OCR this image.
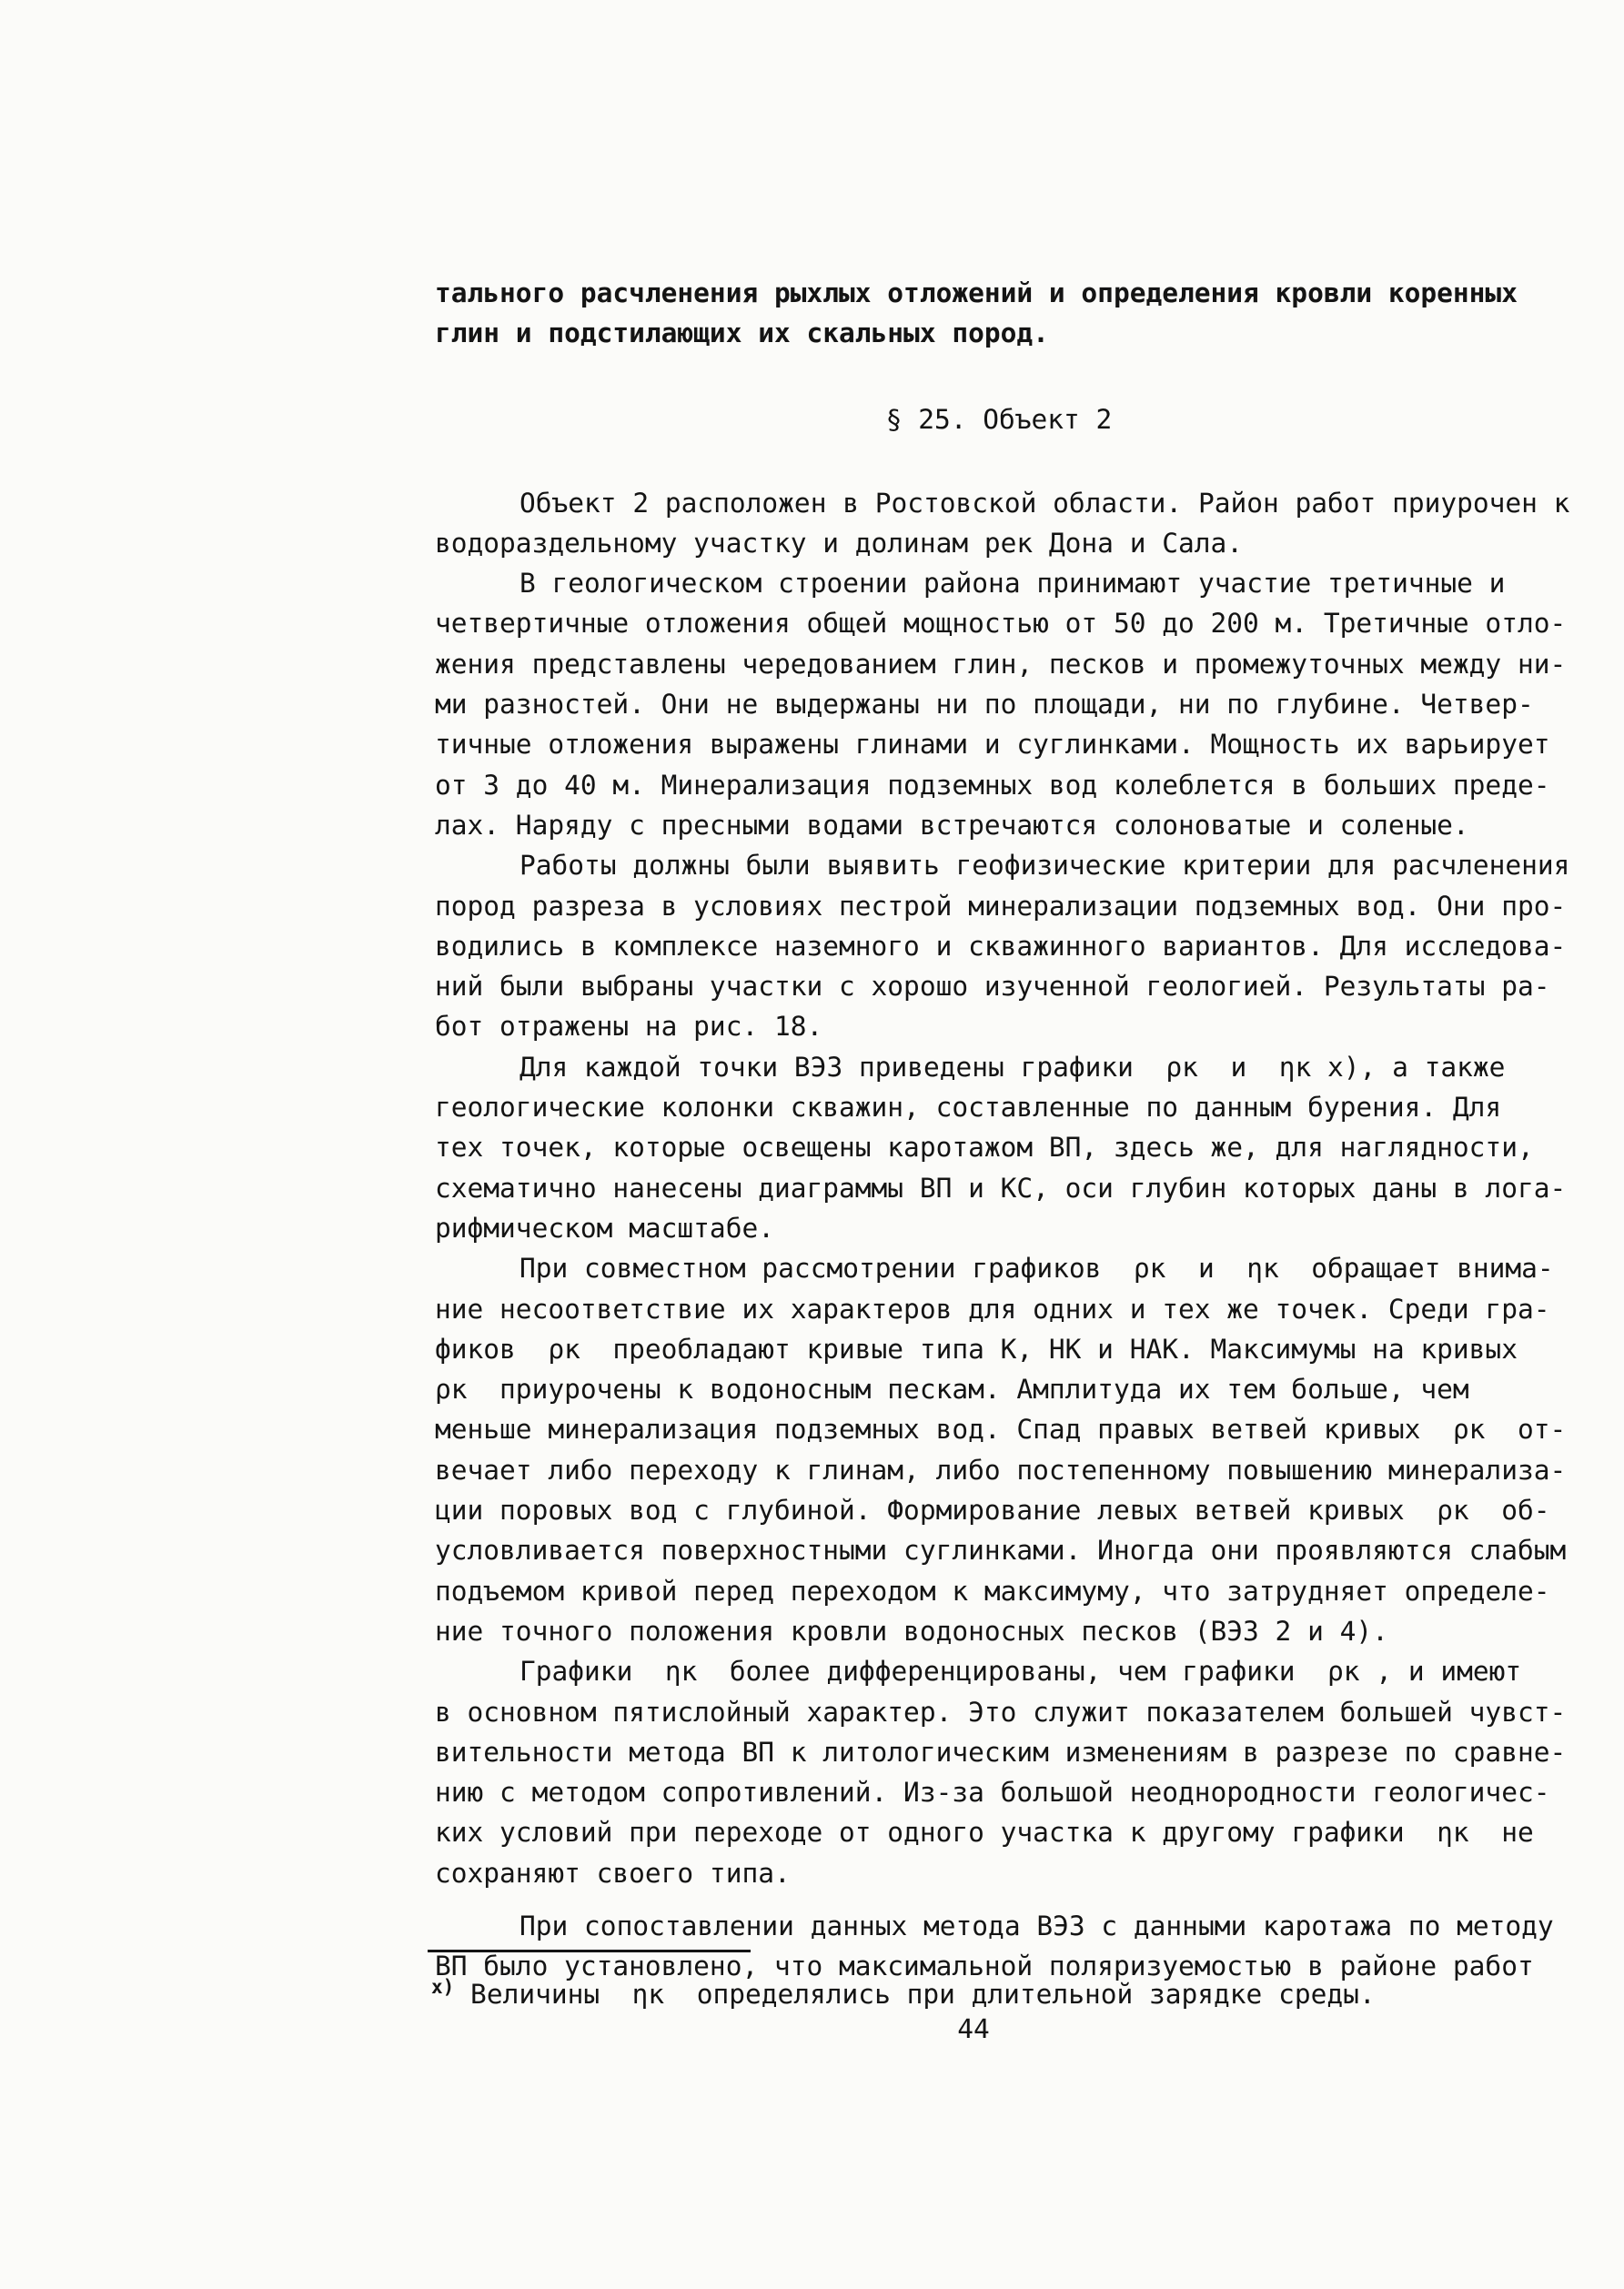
тального расчленения рыхлых отложений и определения кровли коренных
глин и подстилающих их скальных пород.
§ 25. Объект 2
Объект 2 расположен в Ростовской области. Район работ приурочен к
водораздельному участку и долинам рек Дона и Сала.
В геологическом строении района принимают участие третичные и
четвертичные отложения общей мощностью от 50 до 200 м. Третичные отло-
жения представлены чередованием глин, песков и промежуточных между ни-
ми разностей. Они не выдержаны ни по площади, ни по глубине. Четвер-
тичные отложения выражены глинами и суглинками. Мощность их варьирует
от 3 до 40 м. Минерализация подземных вод колеблется в больших преде-
лах. Наряду с пресными водами встречаются солоноватые и соленые.
Работы должны были выявить геофизические критерии для расчленения
пород разреза в условиях пестрой минерализации подземных вод. Они про-
водились в комплексе наземного и скважинного вариантов. Для исследова-
ний были выбраны участки с хорошо изученной геологией. Результаты ра-
бот отражены на рис. 18.
Для каждой точки ВЭЗ приведены графики  ρк  и  ηк x), а также
геологические колонки скважин, составленные по данным бурения. Для
тех точек, которые освещены каротажом ВП, здесь же, для наглядности,
схематично нанесены диаграммы ВП и КС, оси глубин которых даны в лога-
рифмическом масштабе.
При совместном рассмотрении графиков  ρк  и  ηк  обращает внима-
ние несоответствие их характеров для одних и тех же точек. Среди гра-
фиков  ρк  преобладают кривые типа К, НК и НАК. Максимумы на кривых
ρк  приурочены к водоносным пескам. Амплитуда их тем больше, чем
меньше минерализация подземных вод. Спад правых ветвей кривых  ρк  от-
вечает либо переходу к глинам, либо постепенному повышению минерализа-
ции поровых вод с глубиной. Формирование левых ветвей кривых  ρк  об-
условливается поверхностными суглинками. Иногда они проявляются слабым
подъемом кривой перед переходом к максимуму, что затрудняет определе-
ние точного положения кровли водоносных песков (ВЭЗ 2 и 4).
Графики  ηк  более дифференцированы, чем графики  ρк , и имеют
в основном пятислойный характер. Это служит показателем большей чувст-
вительности метода ВП к литологическим изменениям в разрезе по сравне-
нию с методом сопротивлений. Из-за большой неоднородности геологичес-
ких условий при переходе от одного участка к другому графики  ηк  не
сохраняют своего типа.
При сопоставлении данных метода ВЭЗ с данными каротажа по методу
ВП было установлено, что максимальной поляризуемостью в районе работ
$^{x)}$ Величины  ηк  определялись при длительной зарядке среды.
44
